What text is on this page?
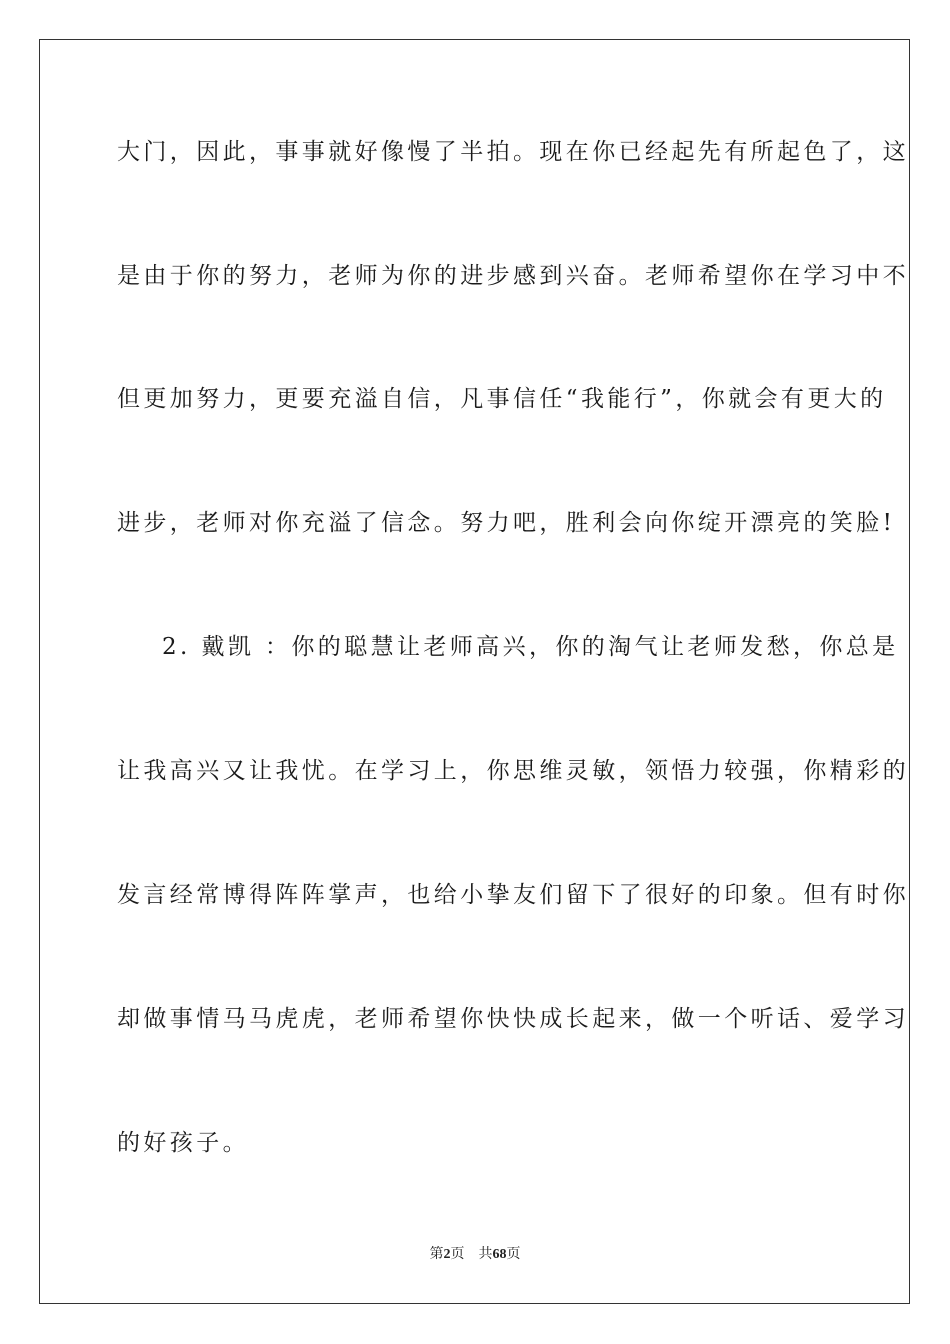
大门，因此，事事就好像慢了半拍。现在你已经起先有所起色了，这
是由于你的努力，老师为你的进步感到兴奋。老师希望你在学习中不
但更加努力，更要充溢自信，凡事信任“我能行”，你就会有更大的
进步，老师对你充溢了信念。努力吧，胜利会向你绽开漂亮的笑脸!
2. 戴凯 ：你的聪慧让老师高兴，你的淘气让老师发愁，你总是
让我高兴又让我忧。在学习上，你思维灵敏，领悟力较强，你精彩的
发言经常博得阵阵掌声，也给小挚友们留下了很好的印象。但有时你
却做事情马马虎虎，老师希望你快快成长起来，做一个听话、爱学习
的好孩子。
第2页 共68页
